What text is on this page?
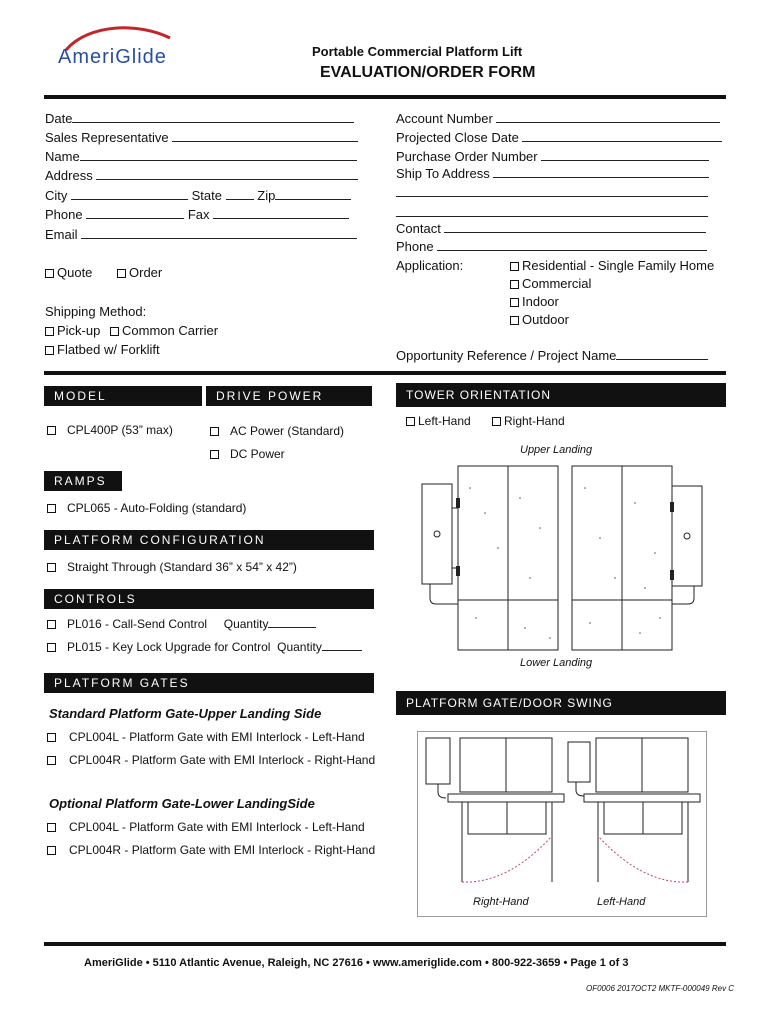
AmeriGlide	Portable Commercial Platform Lift
EVALUATION/ORDER FORM
Date
Sales Representative
Name
Address
City	State	Zip
Phone	Fax
Email
Quote	Order
Shipping Method:
Pick-up	Common Carrier
Flatbed w/ Forklift
Account Number
Projected Close Date
Purchase Order Number
Ship To Address
Contact
Phone
Application:	Residential - Single Family Home
Commercial
Indoor
Outdoor
Opportunity Reference / Project Name
MODEL	DRIVE POWER
CPL400P (53” max)	AC Power (Standard)
DC Power
TOWER ORIENTATION
Left-Hand	Right-Hand
Upper Landing
Lower Landing
RAMPS
CPL065 - Auto-Folding (standard)
PLATFORM CONFIGURATION
Straight Through (Standard 36” x 54” x 42”)
CONTROLS
PL016 - Call-Send Control Quantity
PL015 - Key Lock Upgrade for Control Quantity
PLATFORM GATES
Standard Platform Gate-Upper Landing Side
CPL004L - Platform Gate with EMI Interlock - Left-Hand
CPL004R - Platform Gate with EMI Interlock - Right-Hand
Optional Platform Gate-Lower LandingSide
CPL004L - Platform Gate with EMI Interlock - Left-Hand
CPL004R - Platform Gate with EMI Interlock - Right-Hand
PLATFORM GATE/DOOR SWING
Right-Hand	Left-Hand
AmeriGlide • 5110 Atlantic Avenue, Raleigh, NC 27616 • www.ameriglide.com • 800-922-3659 • Page 1 of 3
OF0006 2017OCT2 MKTF-000049 Rev C
